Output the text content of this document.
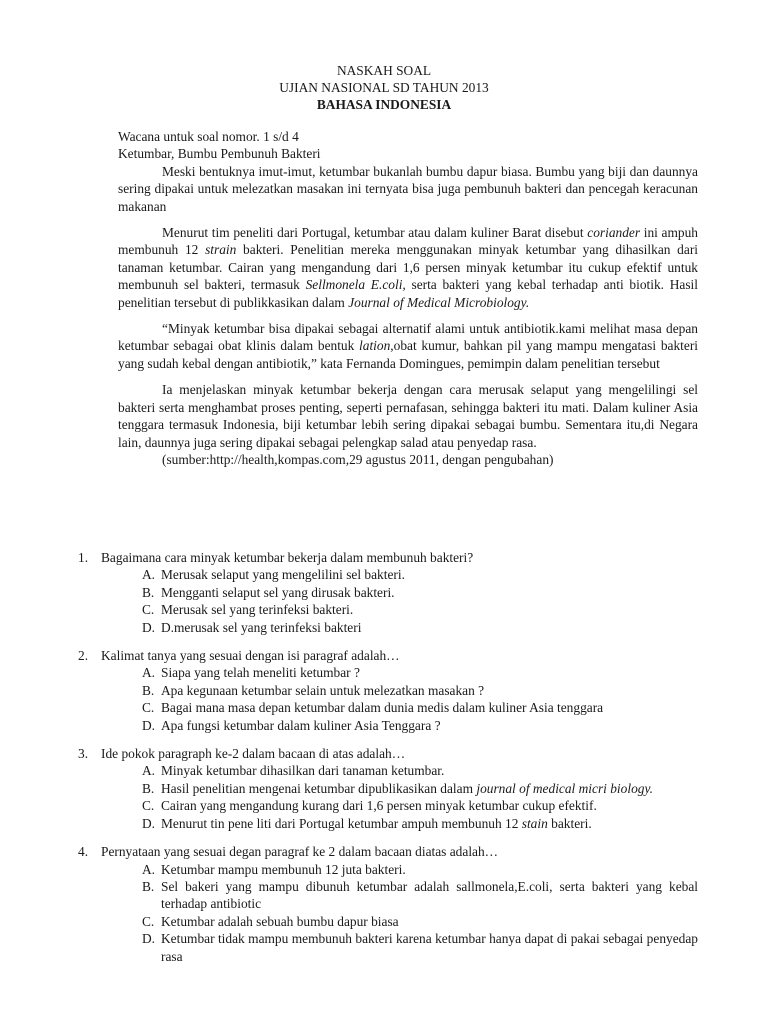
NASKAH SOAL
UJIAN NASIONAL SD TAHUN 2013
BAHASA INDONESIA

Wacana untuk soal nomor. 1 s/d 4

Ketumbar, Bumbu Pembunuh Bakteri

Meski bentuknya imut-imut, ketumbar bukanlah bumbu dapur biasa. Bumbu yang biji dan daunnya sering dipakai untuk melezatkan masakan ini ternyata bisa juga pembunuh bakteri dan pencegah keracunan makanan

Menurut tim peneliti dari Portugal, ketumbar atau dalam kuliner Barat disebut coriander ini ampuh membunuh 12 strain bakteri. Penelitian mereka menggunakan minyak ketumbar yang dihasilkan dari tanaman ketumbar. Cairan yang mengandung dari 1,6 persen minyak ketumbar itu cukup efektif untuk membunuh sel bakteri, termasuk Sellmonela E.coli, serta bakteri yang kebal terhadap anti biotik. Hasil penelitian tersebut di publikkasikan dalam Journal of Medical Microbiology.

“Minyak ketumbar bisa dipakai sebagai alternatif alami untuk antibiotik.kami melihat masa depan ketumbar sebagai obat klinis dalam bentuk lation,obat kumur, bahkan pil yang mampu mengatasi bakteri yang sudah kebal dengan antibiotik,” kata Fernanda Domingues, pemimpin dalam penelitian tersebut

Ia menjelaskan minyak ketumbar bekerja dengan cara merusak selaput yang mengelilingi sel bakteri serta menghambat proses penting, seperti pernafasan, sehingga bakteri itu mati. Dalam kuliner Asia tenggara termasuk Indonesia, biji ketumbar lebih sering dipakai sebagai bumbu. Sementara itu,di Negara lain, daunnya juga sering dipakai sebagai pelengkap salad atau penyedap rasa.

(sumber:http://health,kompas.com,29 agustus 2011, dengan pengubahan)

1. Bagaimana cara minyak ketumbar bekerja dalam membunuh bakteri?
A. Merusak selaput yang mengelilini sel bakteri.
B. Mengganti selaput sel yang dirusak bakteri.
C. Merusak sel yang terinfeksi bakteri.
D. D.merusak sel yang terinfeksi bakteri
2. Kalimat tanya yang sesuai dengan isi paragraf adalah…
A. Siapa yang telah meneliti ketumbar ?
B. Apa kegunaan ketumbar selain untuk melezatkan masakan ?
C. Bagai mana masa depan ketumbar dalam dunia medis dalam kuliner Asia tenggara
D. Apa fungsi ketumbar dalam kuliner Asia Tenggara ?
3. Ide pokok paragraph ke-2 dalam bacaan di atas adalah…
A. Minyak ketumbar dihasilkan dari tanaman ketumbar.
B. Hasil penelitian mengenai ketumbar dipublikasikan dalam journal of medical micri biology.
C. Cairan yang mengandung kurang dari 1,6 persen minyak ketumbar cukup efektif.
D. Menurut tin pene liti dari Portugal ketumbar ampuh membunuh 12 stain bakteri.
4. Pernyataan yang sesuai degan paragraf ke 2 dalam bacaan diatas adalah…
A. Ketumbar mampu membunuh 12 juta bakteri.
B. Sel bakeri yang mampu dibunuh ketumbar adalah sallmonela,E.coli, serta bakteri yang kebal terhadap antibiotic
C. Ketumbar adalah sebuah bumbu dapur biasa
D. Ketumbar tidak mampu membunuh bakteri karena ketumbar hanya dapat di pakai sebagai penyedap rasa
